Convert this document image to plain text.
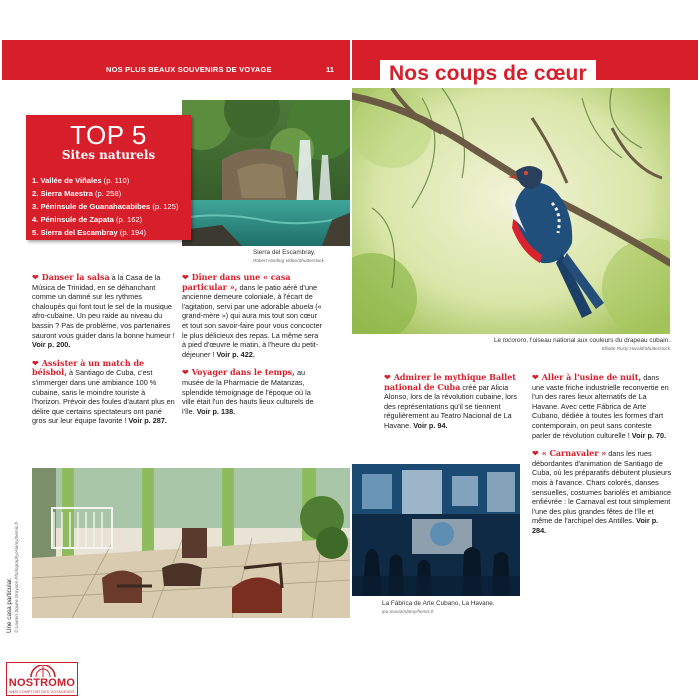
NOS PLUS BEAUX SOUVENIRS DE VOYAGE	11
Sierra del Escambray.
Robert Harding Video/Shutterstock
TOP 5
Sites naturels
1. Vallée de Viñales (p. 110)
2. Sierra Maestra (p. 258)
3. Péninsule de Guanahacabibes (p. 125)
4. Péninsule de Zapata (p. 162)
5. Sierra del Escambray (p. 194)

❤ Danser la salsa à la Casa de la Música de Trinidad, en se déhanchant comme un damné sur les rythmes chaloupés qui font tout le sel de la musique afro-cubaine. Un peu raide au niveau du bassin ? Pas de problème, vos partenaires sauront vous guider dans la bonne humeur ! Voir p. 200.

❤ Assister à un match de béisbol, à Santiago de Cuba, c'est s'immerger dans une ambiance 100 % cubaine, sans le moindre touriste à l'horizon. Prévoir des foules d'autant plus en délire que certains spectateurs ont parié gros sur leur équipe favorite ! Voir p. 287.

❤ Dîner dans une « casa particular », dans le patio aéré d'une ancienne demeure coloniale, à l'écart de l'agitation, servi par une adorable abuela (« grand-mère ») qui aura mis tout son cœur et tout son savoir-faire pour vous concocter le plus délicieux des repas. La même sera à pied d'œuvre le matin, à l'heure du petit-déjeuner ! Voir p. 422.

❤ Voyager dans le temps, au musée de la Pharmacie de Matanzas, splendide témoignage de l'époque où la ville était l'un des hauts lieux culturels de l'île. Voir p. 138.

Une casa particular. © Lauren Squire Grayson Photography/Alamy/hemis.fr
Nos coups de cœur
Le tocororo, l'oiseau national aux couleurs du drapeau cubain.
Elliotte Rusty Harold/Shutterstock

❤ Admirer le mythique Ballet national de Cuba créé par Alicia Alonso, lors de la révolution cubaine, lors des représentations qu'il se tiennent régulièrement au Teatro Nacional de La Havane. Voir p. 94.

❤ Aller à l'usine de nuit, dans une vaste friche industrielle reconvertie en l'un des rares lieux alternatifs de La Havane. Avec cette Fábrica de Arte Cubano, dédiée à toutes les formes d'art contemporain, on peut sans conteste parler de révolution culturelle ! Voir p. 70.

❤ « Carnavaler » dans les rues débordantes d'animation de Santiago de Cuba, où les préparatifs débutent plusieurs mois à l'avance. Chars colorés, danses sensuelles, costumes bariolés et ambiance enfiévrée : le Carnaval est tout simplement l'une des plus grandes fêtes de l'île et même de l'archipel des Antilles. Voir p. 284.

La Fábrica de Arte Cubano, La Havane.
Ipa musta/Alamy/hemis.fr
NOSTROMO
WEB COMPTOIR DES VOYAGEURS
